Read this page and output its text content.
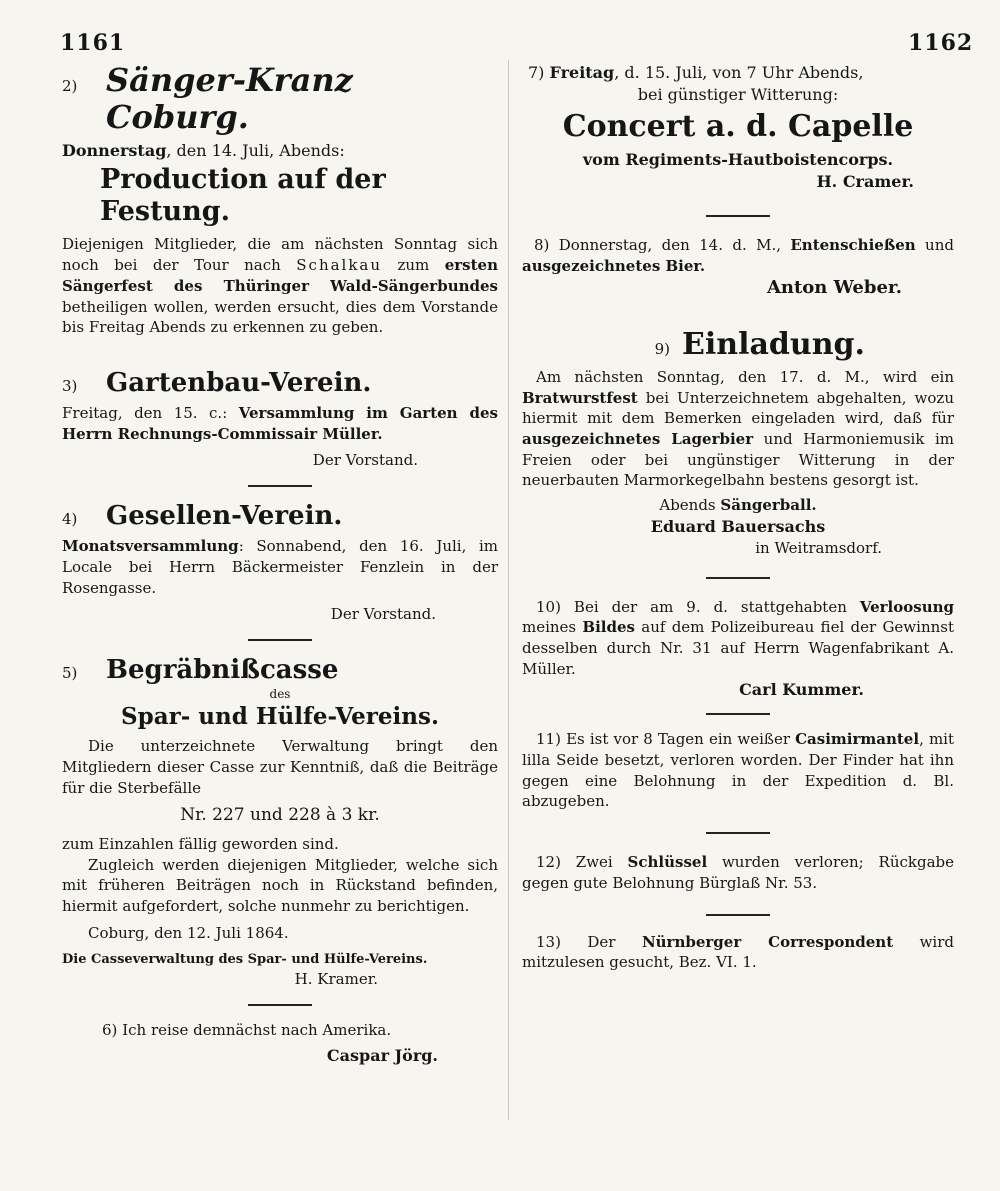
1161	1162
2) Sänger-Kranz Coburg.

Donnerstag, den 14. Juli, Abends:

Production auf der Festung.

Diejenigen Mitglieder, die am nächsten Sonntag sich noch bei der Tour nach Schalkau zum ersten Sängerfest des Thüringer Wald-Sängerbundes betheiligen wollen, werden ersucht, dies dem Vorstande bis Freitag Abends zu erkennen zu geben.

3)	Gartenbau-Verein.

Freitag, den 15. c.: Versammlung im Garten des Herrn Rechnungs-Commissair Müller.

Der Vorstand.

4)	Gesellen-Verein.

Monatsversammlung: Sonnabend, den 16. Juli, im Locale bei Herrn Bäckermeister Fenzlein in der Rosengasse.

Der Vorstand.

5)	Begräbnißcasse

des

Spar- und Hülfe-Vereins.

Die unterzeichnete Verwaltung bringt den Mitgliedern dieser Casse zur Kenntniß, daß die Beiträge für die Sterbefälle

Nr. 227 und 228 à 3 kr.

zum Einzahlen fällig geworden sind.

Zugleich werden diejenigen Mitglieder, welche sich mit früheren Beiträgen noch in Rückstand befinden, hiermit aufgefordert, solche nunmehr zu berichtigen.

Coburg, den 12. Juli 1864.

Die Casseverwaltung des Spar- und Hülfe-Vereins.

H. Kramer.

6) Ich reise demnächst nach Amerika.

Caspar Jörg.

7) Freitag, d. 15. Juli, von 7 Uhr Abends,

bei günstiger Witterung:

Concert a. d. Capelle

vom Regiments-Hautboistencorps.

H. Cramer.

8) Donnerstag, den 14. d. M., Entenschießen und ausgezeichnetes Bier.

Anton Weber.

9) Einladung.

Am nächsten Sonntag, den 17. d. M., wird ein Bratwurstfest bei Unterzeichnetem abgehalten, wozu hiermit mit dem Bemerken eingeladen wird, daß für ausgezeichnetes Lagerbier und Harmoniemusik im Freien oder bei ungünstiger Witterung in der neuerbauten Marmorkegelbahn bestens gesorgt ist.

Abends Sängerball.

Eduard Bauersachs

in Weitramsdorf.

10) Bei der am 9. d. stattgehabten Verloosung meines Bildes auf dem Polizeibureau fiel der Gewinnst desselben durch Nr. 31 auf Herrn Wagenfabrikant A. Müller.

Carl Kummer.

11) Es ist vor 8 Tagen ein weißer Casimirmantel, mit lilla Seide besetzt, verloren worden. Der Finder hat ihn gegen eine Belohnung in der Expedition d. Bl. abzugeben.

12) Zwei Schlüssel wurden verloren; Rückgabe gegen gute Belohnung Bürglaß Nr. 53.

13) Der Nürnberger Correspondent wird mitzulesen gesucht, Bez. VI. 1.
